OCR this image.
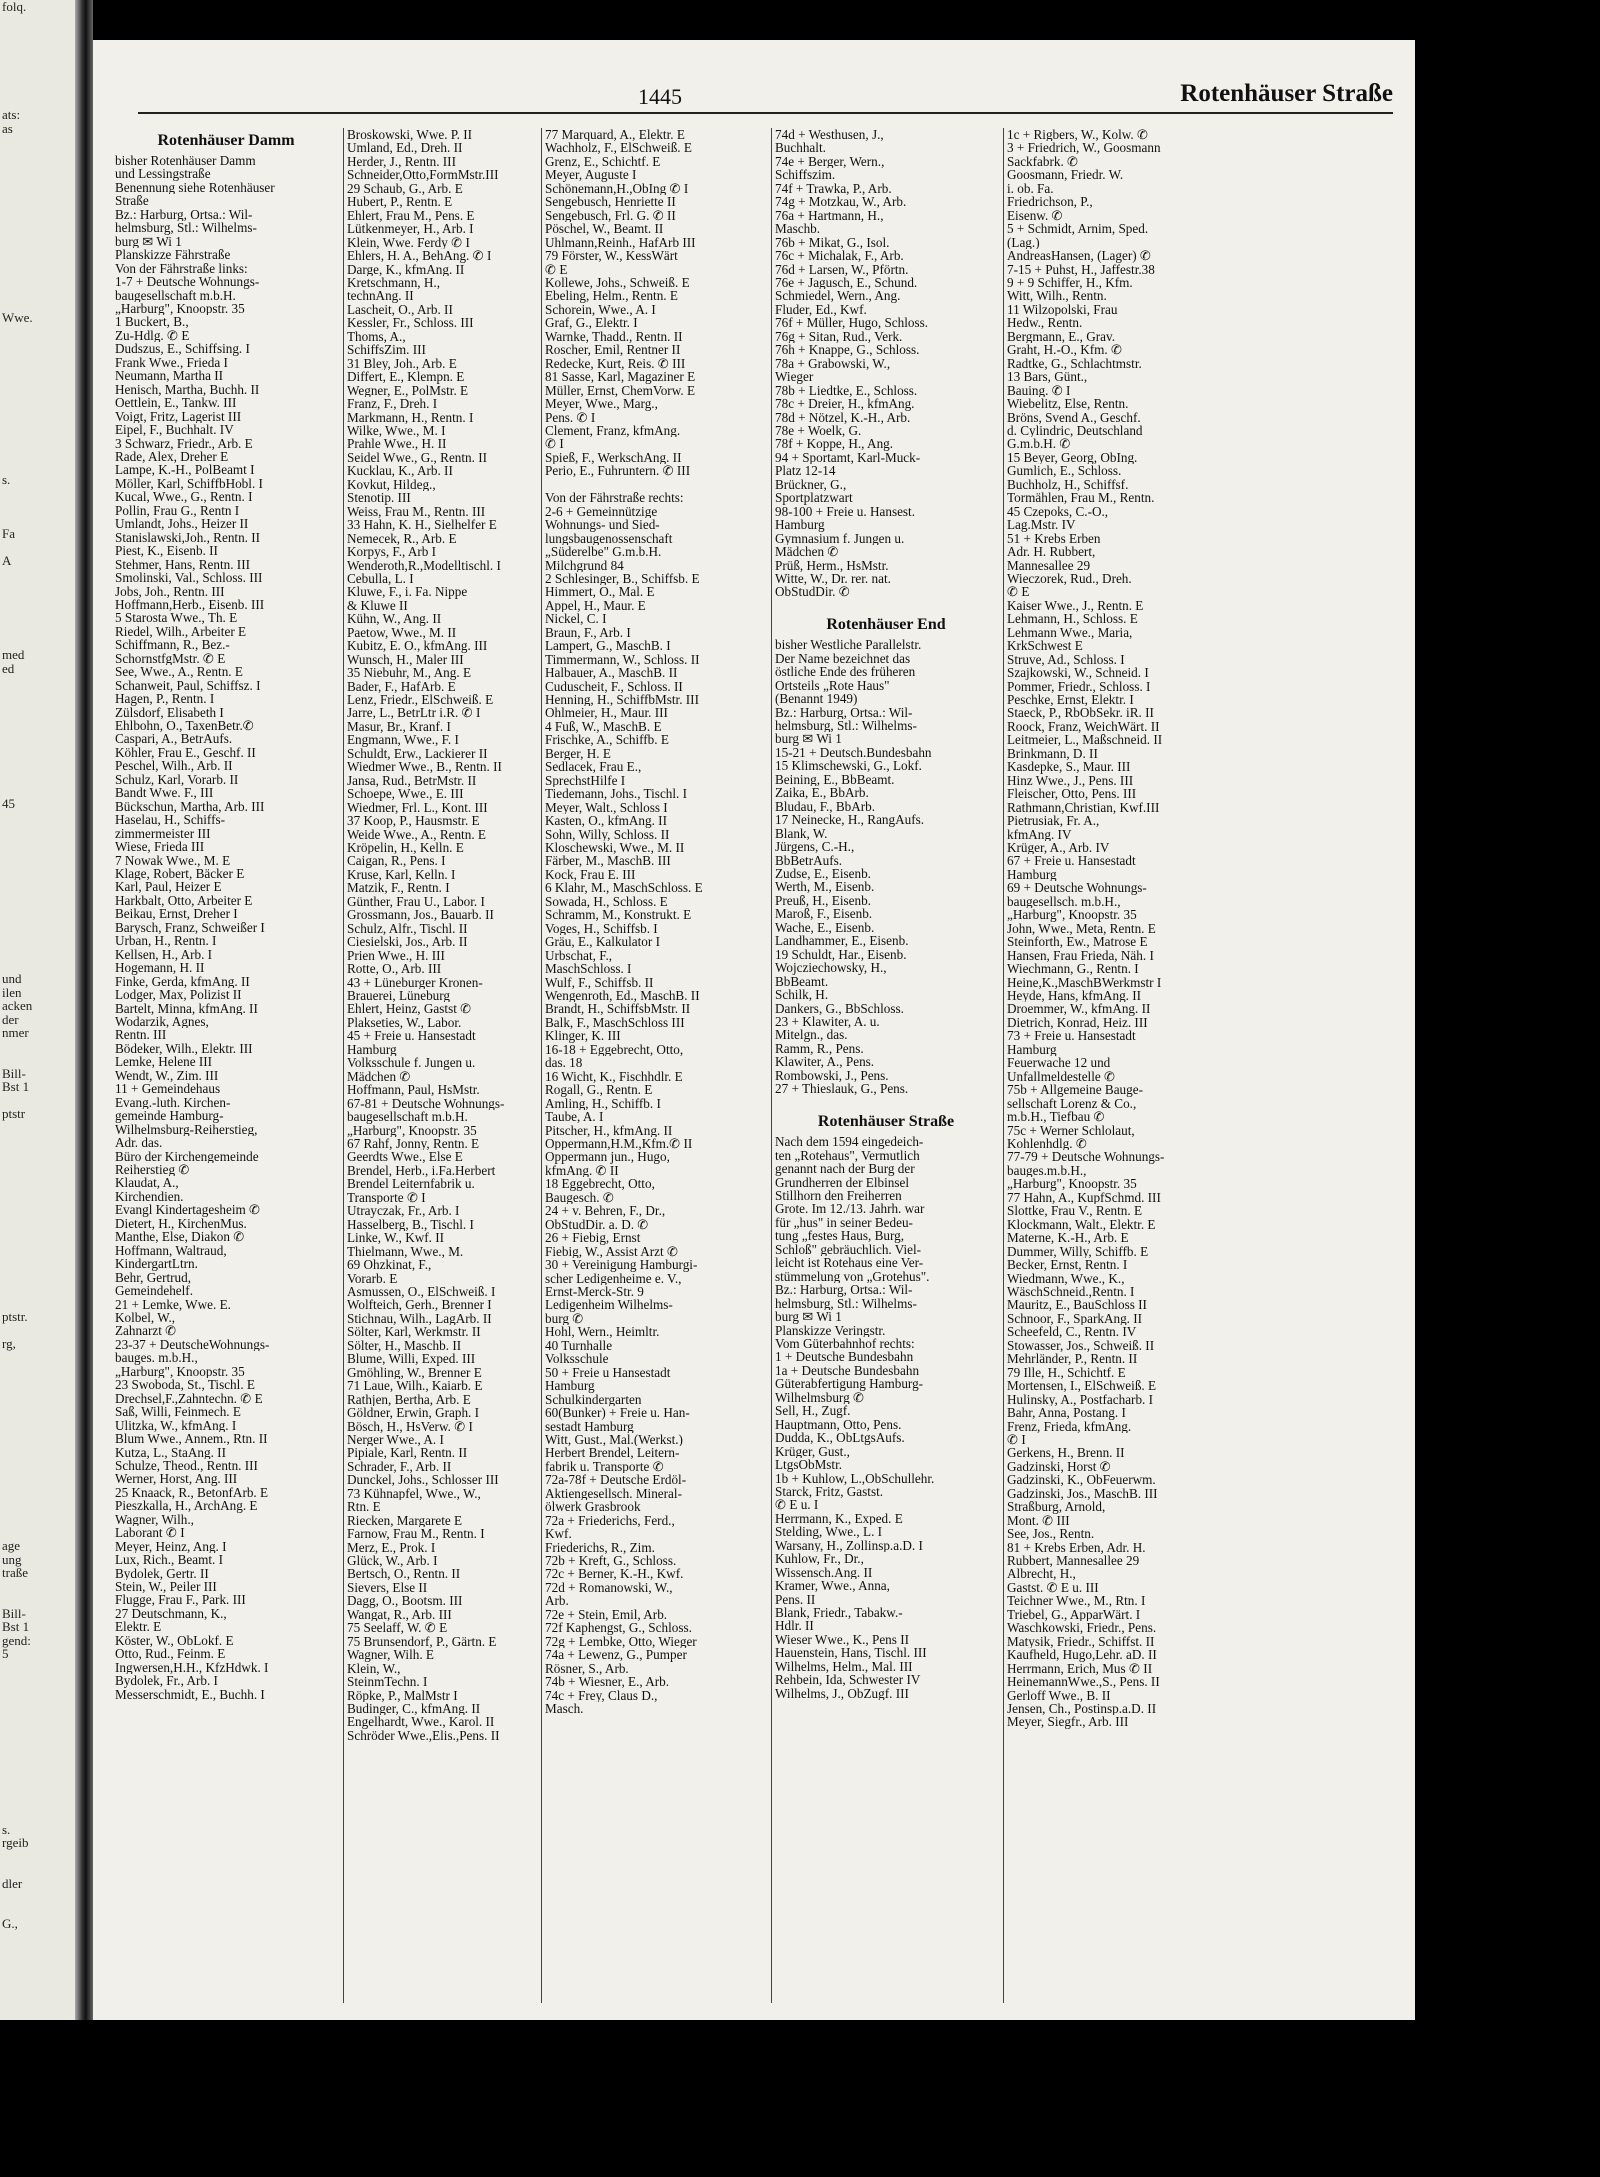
folq.

ats:
as

Wwe.

s.

Fa

A

med
ed

45

und
ilen
acken
der
nmer

Bill-
Bst 1

ptstr

ptstr.

rg,

age
ung
traße

Bill-
Bst 1
gend:
5

s.
rgeib

dler

G.,

1445	Rotenhäuser Straße
Rotenhäuser Damm
bisher Rotenhäuser Damm
und Lessingstraße
Benennung siehe Rotenhäuser
Straße
Bz.: Harburg, Ortsa.: Wil-
helmsburg, Stl.: Wilhelms-
burg ✉ Wi 1
Planskizze Fährstraße
Von der Fährstraße links:
1-7 + Deutsche Wohnungs-
baugesellschaft m.b.H.
„Harburg", Knoopstr. 35
1 Buckert, B.,
Zu-Hdlg. ✆ E
Dudszus, E., Schiffsing. I
Frank Wwe., Frieda I
Neumann, Martha II
Henisch, Martha, Buchh. II
Oettlein, E., Tankw. III
Voigt, Fritz, Lagerist III
Eipel, F., Buchhalt. IV
3 Schwarz, Friedr., Arb. E
Rade, Alex, Dreher E
Lampe, K.-H., PolBeamt I
Möller, Karl, SchiffbHobl. I
Kucal, Wwe., G., Rentn. I
Pollin, Frau G., Rentn I
Umlandt, Johs., Heizer II
Stanislawski,Joh., Rentn. II
Piest, K., Eisenb. II
Stehmer, Hans, Rentn. III
Smolinski, Val., Schloss. III
Jobs, Joh., Rentn. III
Hoffmann,Herb., Eisenb. III
5 Starosta Wwe., Th. E
Riedel, Wilh., Arbeiter E
Schiffmann, R., Bez.-
SchornstfgMstr. ✆ E
See, Wwe., A., Rentn. E
Schanweit, Paul, Schiffsz. I
Hagen, P., Rentn. I
Zülsdorf, Elisabeth I
Ehlbohn, O., TaxenBetr.✆
Caspari, A., BetrAufs.
Köhler, Frau E., Geschf. II
Peschel, Wilh., Arb. II
Schulz, Karl, Vorarb. II
Bandt Wwe. F., III
Bückschun, Martha, Arb. III
Haselau, H., Schiffs-
zimmermeister III
Wiese, Frieda III
7 Nowak Wwe., M. E
Klage, Robert, Bäcker E
Karl, Paul, Heizer E
Harkbalt, Otto, Arbeiter E
Beikau, Ernst, Dreher I
Barysch, Franz, Schweißer I
Urban, H., Rentn. I
Kellsen, H., Arb. I
Hogemann, H. II
Finke, Gerda, kfmAng. II
Lodger, Max, Polizist II
Bartelt, Minna, kfmAng. II
Wodarzik, Agnes,
Rentn. III
Bödeker, Wilh., Elektr. III
Lemke, Helene III
Wendt, W., Zim. III
11 + Gemeindehaus
Evang.-luth. Kirchen-
gemeinde Hamburg-
Wilhelmsburg-Reiherstieg,
Adr. das.
Büro der Kirchengemeinde
Reiherstieg ✆
Klaudat, A.,
Kirchendien.
Evangl Kindertagesheim ✆
Dietert, H., KirchenMus.
Manthe, Else, Diakon ✆
Hoffmann, Waltraud,
KindergartLtrn.
Behr, Gertrud,
Gemeindehelf.
21 + Lemke, Wwe. E.
Kolbel, W.,
Zahnarzt ✆
23-37 + DeutscheWohnungs-
bauges. m.b.H.,
„Harburg", Knoopstr. 35
23 Swoboda, St., Tischl. E
Drechsel,F.,Zahntechn. ✆ E
Saß, Willi, Feinmech. E
Ulitzka, W., kfmAng. I
Blum Wwe., Annem., Rtn. II
Kutza, L., StaAng. II
Schulze, Theod., Rentn. III
Werner, Horst, Ang. III
25 Knaack, R., BetonfArb. E
Pieszkalla, H., ArchAng. E
Wagner, Wilh.,
Laborant ✆ I
Meyer, Heinz, Ang. I
Lux, Rich., Beamt. I
Bydolek, Gertr. II
Stein, W., Peiler III
Flugge, Frau F., Park. III
27 Deutschmann, K.,
Elektr. E
Köster, W., ObLokf. E
Otto, Rud., Feinm. E
Ingwersen,H.H., KfzHdwk. I
Bydolek, Fr., Arb. I
Messerschmidt, E., Buchh. I
Broskowski, Wwe. P. II
Umland, Ed., Dreh. II
Herder, J., Rentn. III
Schneider,Otto,FormMstr.III
29 Schaub, G., Arb. E
Hubert, P., Rentn. E
Ehlert, Frau M., Pens. E
Lütkenmeyer, H., Arb. I
Klein, Wwe. Ferdy ✆ I
Ehlers, H. A., BehAng. ✆ I
Darge, K., kfmAng. II
Kretschmann, H.,
technAng. II
Lascheit, O., Arb. II
Kessler, Fr., Schloss. III
Thoms, A.,
SchiffsZim. III
31 Bley, Joh., Arb. E
Differt, E., Klempn. E
Wegner, E., PolMstr. E
Franz, F., Dreh. I
Markmann, H., Rentn. I
Wilke, Wwe., M. I
Prahle Wwe., H. II
Seidel Wwe., G., Rentn. II
Kucklau, K., Arb. II
Kovkut, Hildeg.,
Stenotip. III
Weiss, Frau M., Rentn. III
33 Hahn, K. H., Sielhelfer E
Nemecek, R., Arb. E
Korpys, F., Arb I
Wenderoth,R.,Modelltischl. I
Cebulla, L. I
Kluwe, F., i. Fa. Nippe
& Kluwe II
Kühn, W., Ang. II
Paetow, Wwe., M. II
Kubitz, E. O., kfmAng. III
Wunsch, H., Maler III
35 Niebuhr, M., Ang. E
Bader, F., HafArb. E
Lenz, Friedr., ElSchweiß. E
Jarre, L., BetrLtr i.R. ✆ I
Masur, Br., Kranf. I
Engmann, Wwe., F. I
Schuldt, Erw., Lackierer II
Wiedmer Wwe., B., Rentn. II
Jansa, Rud., BetrMstr. II
Schoepe, Wwe., E. III
Wiedmer, Frl. L., Kont. III
37 Koop, P., Hausmstr. E
Weide Wwe., A., Rentn. E
Kröpelin, H., Kelln. E
Caigan, R., Pens. I
Kruse, Karl, Kelln. I
Matzik, F., Rentn. I
Günther, Frau U., Labor. I
Grossmann, Jos., Bauarb. II
Schulz, Alfr., Tischl. II
Ciesielski, Jos., Arb. II
Prien Wwe., H. III
Rotte, O., Arb. III
43 + Lüneburger Kronen-
Brauerei, Lüneburg
Ehlert, Heinz, Gastst ✆
Plakseties, W., Labor.
45 + Freie u. Hansestadt
Hamburg
Volksschule f. Jungen u.
Mädchen ✆
Hoffmann, Paul, HsMstr.
67-81 + Deutsche Wohnungs-
baugesellschaft m.b.H.
„Harburg", Knoopstr. 35
67 Rahf, Jonny, Rentn. E
Geerdts Wwe., Else E
Brendel, Herb., i.Fa.Herbert
Brendel Leiternfabrik u.
Transporte ✆ I
Utrayczak, Fr., Arb. I
Hasselberg, B., Tischl. I
Linke, W., Kwf. II
Thielmann, Wwe., M.
69 Ohzkinat, F.,
Vorarb. E
Asmussen, O., ElSchweiß. I
Wolfteich, Gerh., Brenner I
Stichnau, Wilh., LagArb. II
Sölter, Karl, Werkmstr. II
Sölter, H., Maschb. II
Blume, Willi, Exped. III
Gmöhling, W., Brenner E
71 Laue, Wilh., Kaiarb. E
Rathjen, Bertha, Arb. E
Göldner, Erwin, Graph. I
Bösch, H., HsVerw. ✆ I
Nerger Wwe., A. I
Pipiale, Karl, Rentn. II
Schrader, F., Arb. II
Dunckel, Johs., Schlosser III
73 Kühnapfel, Wwe., W.,
Rtn. E
Riecken, Margarete E
Farnow, Frau M., Rentn. I
Merz, E., Prok. I
Glück, W., Arb. I
Bertsch, O., Rentn. II
Sievers, Else II
Dagg, O., Bootsm. III
Wangat, R., Arb. III
75 Seelaff, W. ✆ E
75 Brunsendorf, P., Gärtn. E
Wagner, Wilh. E
Klein, W.,
SteinmTechn. I
Röpke, P., MalMstr I
Budinger, C., kfmAng. II
Engelhardt, Wwe., Karol. II
Schröder Wwe.,Elis.,Pens. II
77 Marquard, A., Elektr. E
Wachholz, F., ElSchweiß. E
Grenz, E., Schichtf. E
Meyer, Auguste I
Schönemann,H.,ObIng ✆ I
Sengebusch, Henriette II
Sengebusch, Frl. G. ✆ II
Pöschel, W., Beamt. II
Uhlmann,Reinh., HafArb III
79 Förster, W., KessWärt
✆ E
Kollewe, Johs., Schweiß. E
Ebeling, Helm., Rentn. E
Schorein, Wwe., A. I
Graf, G., Elektr. I
Warnke, Thadd., Rentn. II
Roscher, Emil, Rentner II
Redecke, Kurt, Reis. ✆ III
81 Sasse, Karl, Magaziner E
Müller, Ernst, ChemVorw. E
Meyer, Wwe., Marg.,
Pens. ✆ I
Clement, Franz, kfmAng.
✆ I
Spieß, F., WerkschAng. II
Perio, E., Fuhruntern. ✆ III

Von der Fährstraße rechts:
2-6 + Gemeinnützige
Wohnungs- und Sied-
lungsbaugenossenschaft
„Süderelbe" G.m.b.H.
Milchgrund 84
2 Schlesinger, B., Schiffsb. E
Himmert, O., Mal. E
Appel, H., Maur. E
Nickel, C. I
Braun, F., Arb. I
Lampert, G., MaschB. I
Timmermann, W., Schloss. II
Halbauer, A., MaschB. II
Cuduscheit, F., Schloss. II
Henning, H., SchiffbMstr. III
Ohlmeier, H., Maur. III
4 Fuß, W., MaschB. E
Frischke, A., Schiffb. E
Berger, H. E
Sedlacek, Frau E.,
SprechstHilfe I
Tiedemann, Johs., Tischl. I
Meyer, Walt., Schloss I
Kasten, O., kfmAng. II
Sohn, Willy, Schloss. II
Kloschewski, Wwe., M. II
Färber, M., MaschB. III
Kock, Frau E. III
6 Klahr, M., MaschSchloss. E
Sowada, H., Schloss. E
Schramm, M., Konstrukt. E
Voges, H., Schiffsb. I
Gräu, E., Kalkulator I
Urbschat, F.,
MaschSchloss. I
Wulf, F., Schiffsb. II
Wengenroth, Ed., MaschB. II
Brandt, H., SchiffsbMstr. II
Balk, F., MaschSchloss III
Klinger, K. III
16-18 + Eggebrecht, Otto,
das. 18
16 Wicht, K., Fischhdlr. E
Rogall, G., Rentn. E
Amling, H., Schiffb. I
Taube, A. I
Pitscher, H., kfmAng. II
Oppermann,H.M.,Kfm.✆ II
Oppermann jun., Hugo,
kfmAng. ✆ II
18 Eggebrecht, Otto,
Baugesch. ✆
24 + v. Behren, F., Dr.,
ObStudDir. a. D. ✆
26 + Fiebig, Ernst
Fiebig, W., Assist Arzt ✆
30 + Vereinigung Hamburgi-
scher Ledigenheime e. V.,
Ernst-Merck-Str. 9
Ledigenheim Wilhelms-
burg ✆
Hohl, Wern., Heimltr.
40 Turnhalle
Volksschule
50 + Freie u Hansestadt
Hamburg
Schulkindergarten
60(Bunker) + Freie u. Han-
sestadt Hamburg
Witt, Gust., Mal.(Werkst.)
Herbert Brendel, Leitern-
fabrik u. Transporte ✆
72a-78f + Deutsche Erdöl-
Aktiengesellsch. Mineral-
ölwerk Grasbrook
72a + Friederichs, Ferd.,
Kwf.
Friederichs, R., Zim.
72b + Kreft, G., Schloss.
72c + Berner, K.-H., Kwf.
72d + Romanowski, W.,
Arb.
72e + Stein, Emil, Arb.
72f Kaphengst, G., Schloss.
72g + Lembke, Otto, Wieger
74a + Lewenz, G., Pumper
Rösner, S., Arb.
74b + Wiesner, E., Arb.
74c + Frey, Claus D.,
Masch.
74d + Westhusen, J.,
Buchhalt.
74e + Berger, Wern.,
Schiffszim.
74f + Trawka, P., Arb.
74g + Motzkau, W., Arb.
76a + Hartmann, H.,
Maschb.
76b + Mikat, G., Isol.
76c + Michalak, F., Arb.
76d + Larsen, W., Pförtn.
76e + Jagusch, E., Schund.
Schmiedel, Wern., Ang.
Fluder, Ed., Kwf.
76f + Müller, Hugo, Schloss.
76g + Sitan, Rud., Verk.
76h + Knappe, G., Schloss.
78a + Grabowski, W.,
Wieger
78b + Liedtke, E., Schloss.
78c + Dreier, H., kfmAng.
78d + Nötzel, K.-H., Arb.
78e + Woelk, G.
78f + Koppe, H., Ang.
94 + Sportamt, Karl-Muck-
Platz 12-14
Brückner, G.,
Sportplatzwart
98-100 + Freie u. Hansest.
Hamburg
Gymnasium f. Jungen u.
Mädchen ✆
Prüß, Herm., HsMstr.
Witte, W., Dr. rer. nat.
ObStudDir. ✆

Rotenhäuser End
bisher Westliche Parallelstr.
Der Name bezeichnet das
östliche Ende des früheren
Ortsteils „Rote Haus"
(Benannt 1949)
Bz.: Harburg, Ortsa.: Wil-
helmsburg, Stl.: Wilhelms-
burg ✉ Wi 1
15-21 + Deutsch.Bundesbahn
15 Klimschewski, G., Lokf.
Beining, E., BbBeamt.
Zaika, E., BbArb.
Bludau, F., BbArb.
17 Neinecke, H., RangAufs.
Blank, W.
Jürgens, C.-H.,
BbBetrAufs.
Zudse, E., Eisenb.
Werth, M., Eisenb.
Preuß, H., Eisenb.
Maroß, F., Eisenb.
Wache, E., Eisenb.
Landhammer, E., Eisenb.
19 Schuldt, Har., Eisenb.
Wojcziechowsky, H.,
BbBeamt.
Schilk, H.
Dankers, G., BbSchloss.
23 + Klawiter, A. u.
Mitelgn., das.
Ramm, R., Pens.
Klawiter, A., Pens.
Rombowski, J., Pens.
27 + Thieslauk, G., Pens.

Rotenhäuser Straße
Nach dem 1594 eingedeich-
ten „Rotehaus", Vermutlich
genannt nach der Burg der
Grundherren der Elbinsel
Stillhorn den Freiherren
Grote. Im 12./13. Jahrh. war
für „hus" in seiner Bedeu-
tung „festes Haus, Burg,
Schloß" gebräuchlich. Viel-
leicht ist Rotehaus eine Ver-
stümmelung von „Grotehus".
Bz.: Harburg, Ortsa.: Wil-
helmsburg, Stl.: Wilhelms-
burg ✉ Wi 1
Planskizze Veringstr.
Vom Güterbahnhof rechts:
1 + Deutsche Bundesbahn
1a + Deutsche Bundesbahn
Güterabfertigung Hamburg-
Wilhelmsburg ✆
Sell, H., Zugf.
Hauptmann, Otto, Pens.
Dudda, K., ObLtgsAufs.
Krüger, Gust.,
LtgsObMstr.
1b + Kuhlow, L.,ObSchullehr.
Starck, Fritz, Gastst.
✆ E u. I
Herrmann, K., Exped. E
Stelding, Wwe., L. I
Warsany, H., Zollinsp.a.D. I
Kuhlow, Fr., Dr.,
Wissensch.Ang. II
Kramer, Wwe., Anna,
Pens. II
Blank, Friedr., Tabakw.-
Hdlr. II
Wieser Wwe., K., Pens II
Hauenstein, Hans, Tischl. III
Wilhelms, Helm., Mal. III
Rehbein, Ida, Schwester IV
Wilhelms, J., ObZugf. III
1c + Rigbers, W., Kolw. ✆
3 + Friedrich, W., Goosmann
Sackfabrk. ✆
Goosmann, Friedr. W.
i. ob. Fa.
Friedrichson, P.,
Eisenw. ✆
5 + Schmidt, Arnim, Sped.
(Lag.)
AndreasHansen, (Lager) ✆
7-15 + Puhst, H., Jaffestr.38
9 + 9 Schiffer, H., Kfm.
Witt, Wilh., Rentn.
11 Wilzopolski, Frau
Hedw., Rentn.
Bergmann, E., Grav.
Graht, H.-O., Kfm. ✆
Radtke, G., Schlachtmstr.
13 Bars, Günt.,
Bauing. ✆ I
Wiebelitz, Else, Rentn.
Bröns, Svend A., Geschf.
d. Cylindric, Deutschland
G.m.b.H. ✆
15 Beyer, Georg, ObIng.
Gumlich, E., Schloss.
Buchholz, H., Schiffsf.
Tormählen, Frau M., Rentn.
45 Czepoks, C.-O.,
Lag.Mstr. IV
51 + Krebs Erben
Adr. H. Rubbert,
Mannesallee 29
Wieczorek, Rud., Dreh.
✆ E
Kaiser Wwe., J., Rentn. E
Lehmann, H., Schloss. E
Lehmann Wwe., Maria,
KrkSchwest E
Struve, Ad., Schloss. I
Szajkowski, W., Schneid. I
Pommer, Friedr., Schloss. I
Peschke, Ernst, Elektr. I
Staeck, P., RbObSekr. iR. II
Roock, Franz, WeichWärt. II
Leitmeier, L., Maßschneid. II
Brinkmann, D. II
Kasdepke, S., Maur. III
Hinz Wwe., J., Pens. III
Fleischer, Otto, Pens. III
Rathmann,Christian, Kwf.III
Pietrusiak, Fr. A.,
kfmAng. IV
Krüger, A., Arb. IV
67 + Freie u. Hansestadt
Hamburg
69 + Deutsche Wohnungs-
baugesellsch. m.b.H.,
„Harburg", Knoopstr. 35
John, Wwe., Meta, Rentn. E
Steinforth, Ew., Matrose E
Hansen, Frau Frieda, Näh. I
Wiechmann, G., Rentn. I
Heine,K.,MaschBWerkmstr I
Heyde, Hans, kfmAng. II
Droemmer, W., kfmAng. II
Dietrich, Konrad, Heiz. III
73 + Freie u. Hansestadt
Hamburg
Feuerwache 12 und
Unfallmeldestelle ✆
75b + Allgemeine Bauge-
sellschaft Lorenz & Co.,
m.b.H., Tiefbau ✆
75c + Werner Schlolaut,
Kohlenhdlg. ✆
77-79 + Deutsche Wohnungs-
bauges.m.b.H.,
„Harburg", Knoopstr. 35
77 Hahn, A., KupfSchmd. III
Slottke, Frau V., Rentn. E
Klockmann, Walt., Elektr. E
Materne, K.-H., Arb. E
Dummer, Willy, Schiffb. E
Becker, Ernst, Rentn. I
Wiedmann, Wwe., K.,
WäschSchneid.,Rentn. I
Mauritz, E., BauSchloss II
Schnoor, F., SparkAng. II
Scheefeld, C., Rentn. IV
Stowasser, Jos., Schweiß. II
Mehrländer, P., Rentn. II
79 Ille, H., Schichtf. E
Mortensen, I., ElSchweiß. E
Hulinsky, A., Postfacharb. I
Bahr, Anna, Postang. I
Frenz, Frieda, kfmAng.
✆ I
Gerkens, H., Brenn. II
Gadzinski, Horst ✆
Gadzinski, K., ObFeuerwm.
Gadzinski, Jos., MaschB. III
Straßburg, Arnold,
Mont. ✆ III
See, Jos., Rentn.
81 + Krebs Erben, Adr. H.
Rubbert, Mannesallee 29
Albrecht, H.,
Gastst. ✆ E u. III
Teichner Wwe., M., Rtn. I
Triebel, G., ApparWärt. I
Waschkowski, Friedr., Pens.
Matysik, Friedr., Schiffst. II
Kaufheld, Hugo,Lehr. aD. II
Herrmann, Erich, Mus ✆ II
HeinemannWwe.,S., Pens. II
Gerloff Wwe., B. II
Jensen, Ch., Postinsp.a.D. II
Meyer, Siegfr., Arb. III
